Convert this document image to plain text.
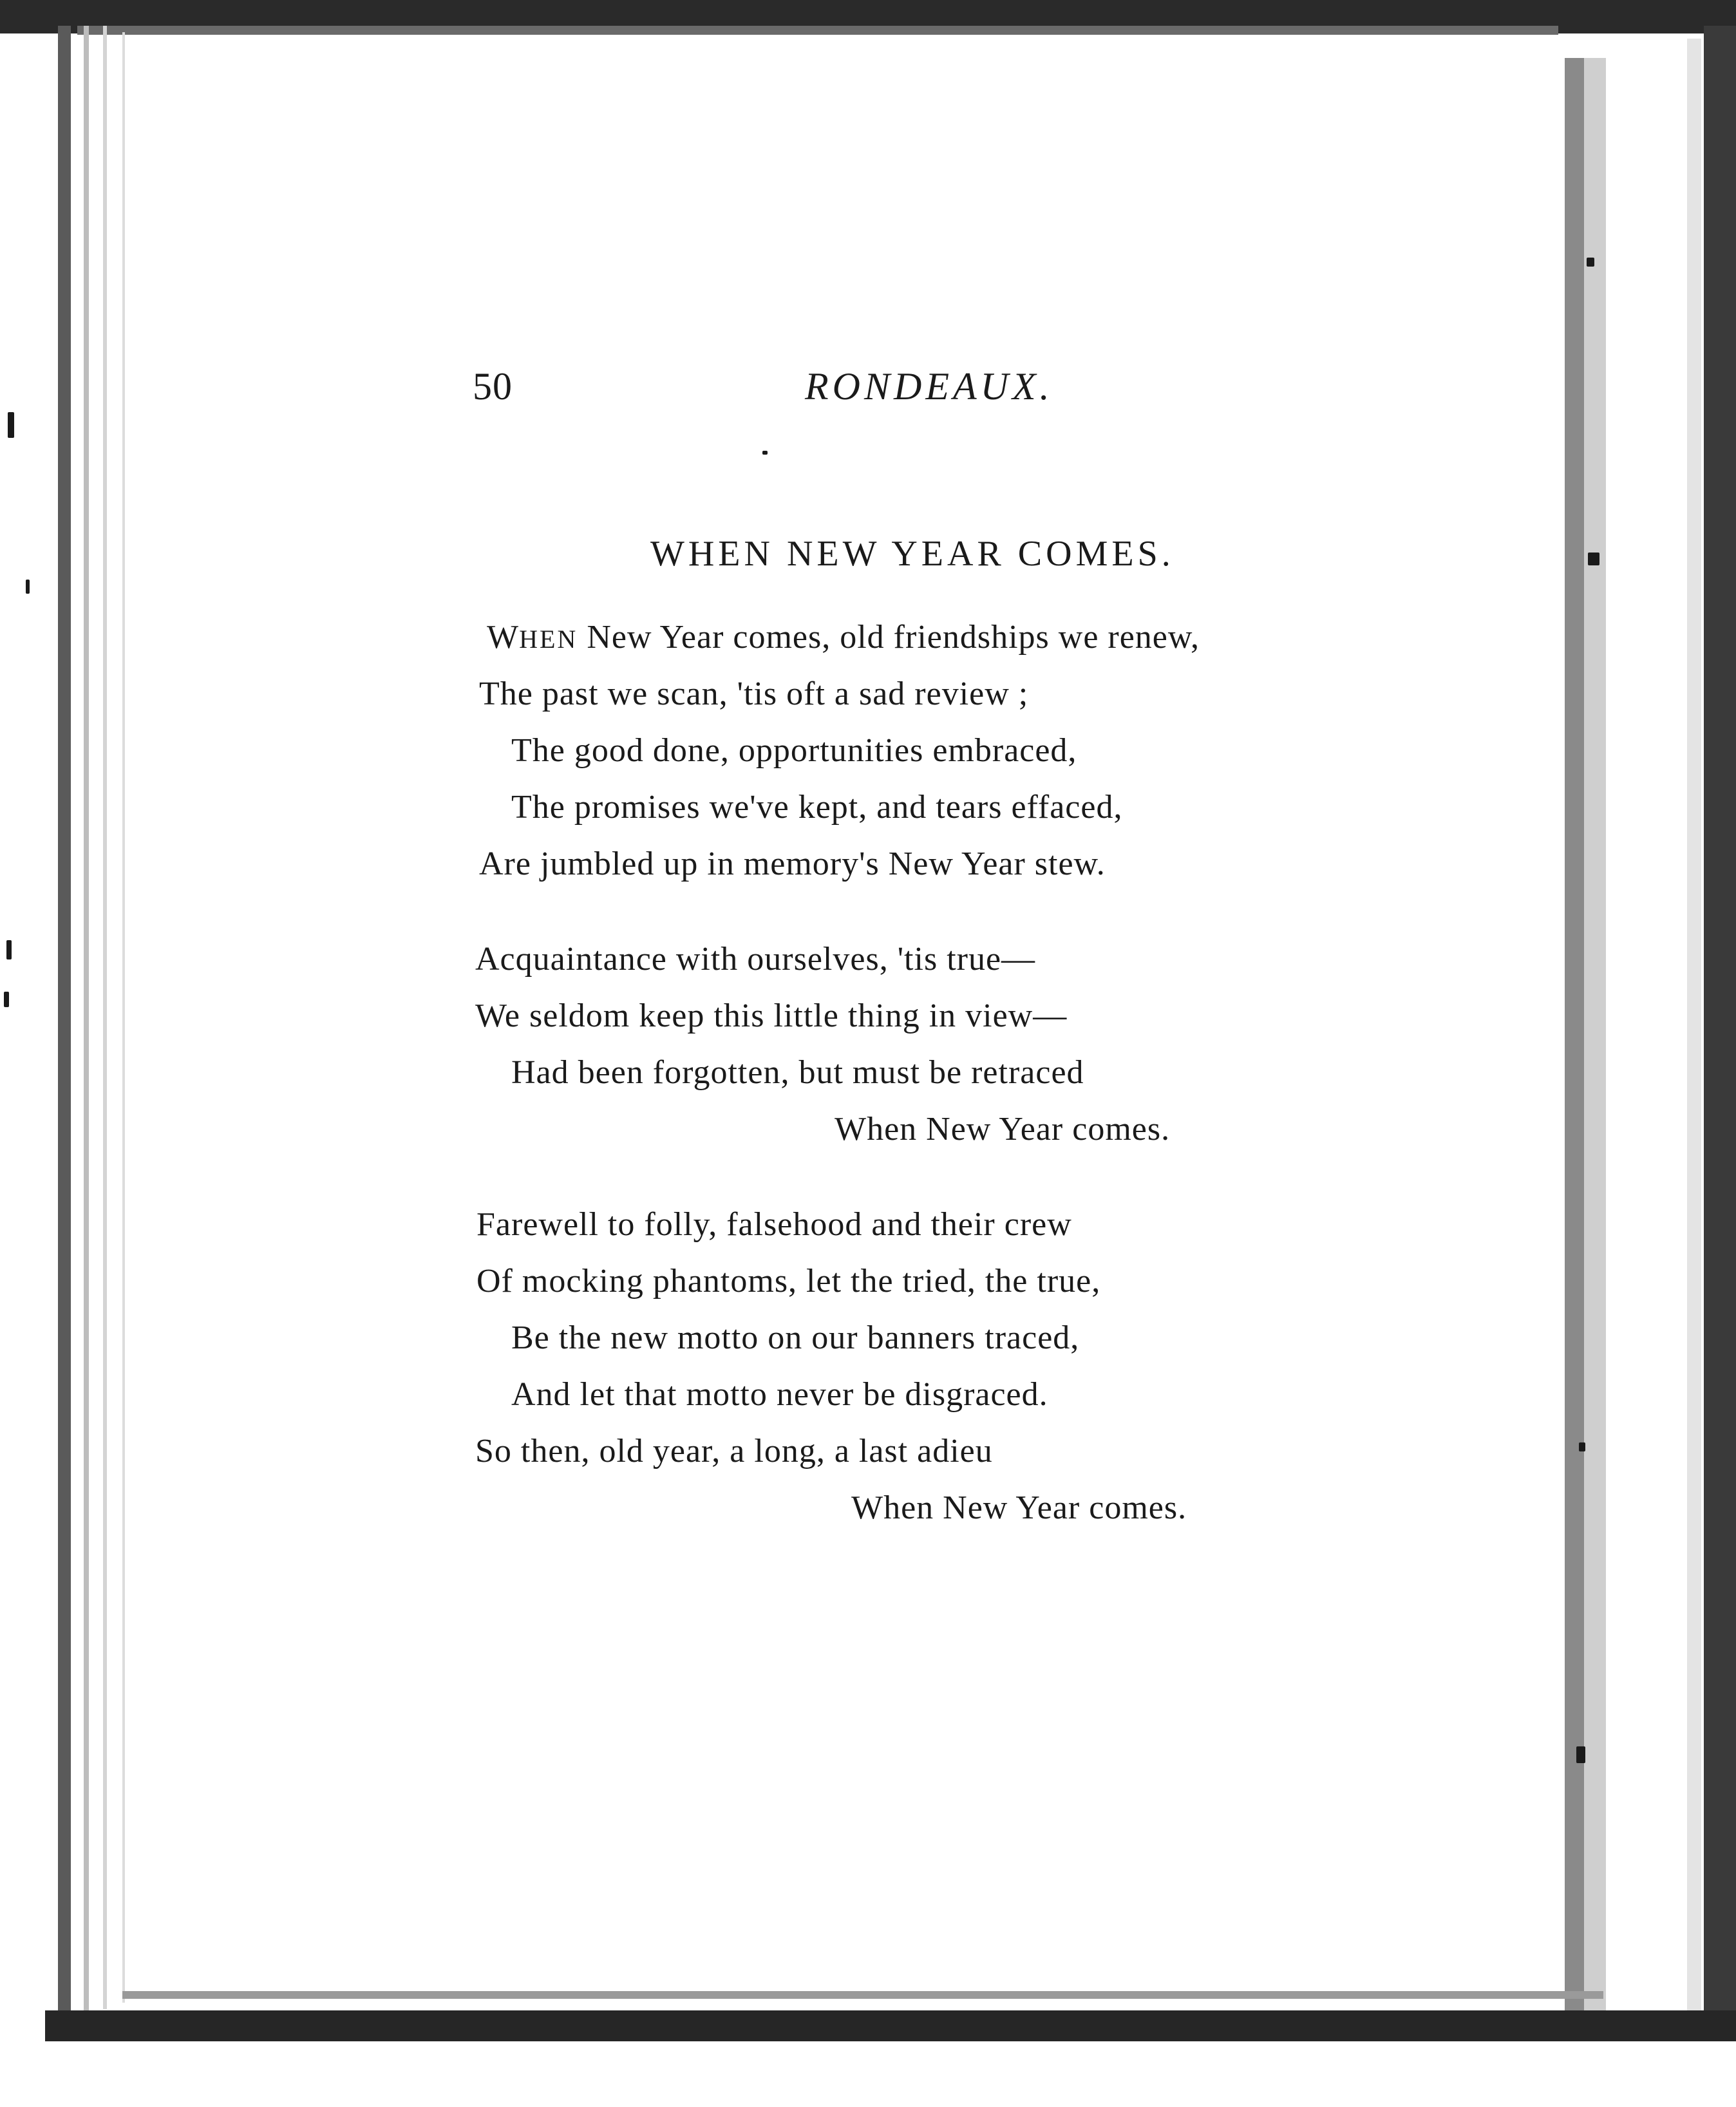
50	RONDEAUX.
WHEN NEW YEAR COMES.
WHEN New Year comes, old friendships we renew,
The past we scan, 'tis oft a sad review ;
The good done, opportunities embraced,
The promises we've kept, and tears effaced,
Are jumbled up in memory's New Year stew.
Acquaintance with ourselves, 'tis true—
We seldom keep this little thing in view—
Had been forgotten, but must be retraced
When New Year comes.
Farewell to folly, falsehood and their crew
Of mocking phantoms, let the tried, the true,
Be the new motto on our banners traced,
And let that motto never be disgraced.
So then, old year, a long, a last adieu
When New Year comes.
